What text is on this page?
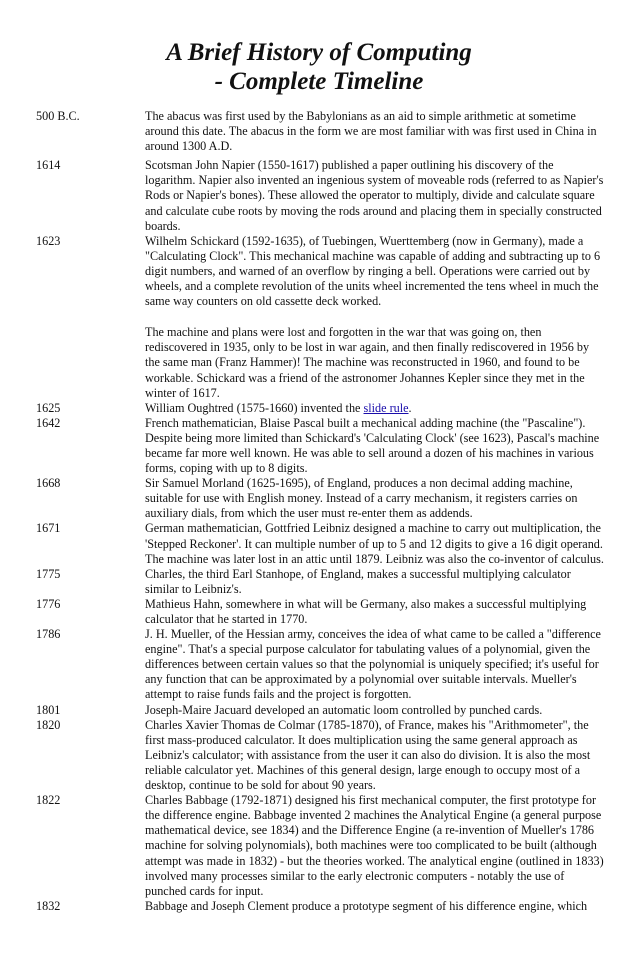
A Brief History of Computing
- Complete Timeline
500 B.C.	The abacus was first used by the Babylonians as an aid to simple arithmetic at sometime around this date. The abacus in the form we are most familiar with was first used in China in around 1300 A.D.

1614	Scotsman John Napier (1550-1617) published a paper outlining his discovery of the logarithm. Napier also invented an ingenious system of moveable rods (referred to as Napier's Rods or Napier's bones). These allowed the operator to multiply, divide and calculate square and calculate cube roots by moving the rods around and placing them in specially constructed boards.

1623	Wilhelm Schickard (1592-1635), of Tuebingen, Wuerttemberg (now in Germany), made a "Calculating Clock". This mechanical machine was capable of adding and subtracting up to 6 digit numbers, and warned of an overflow by ringing a bell. Operations were carried out by wheels, and a complete revolution of the units wheel incremented the tens wheel in much the same way counters on old cassette deck worked.

The machine and plans were lost and forgotten in the war that was going on, then rediscovered in 1935, only to be lost in war again, and then finally rediscovered in 1956 by the same man (Franz Hammer)! The machine was reconstructed in 1960, and found to be workable. Schickard was a friend of the astronomer Johannes Kepler since they met in the winter of 1617.

1625	William Oughtred (1575-1660) invented the slide rule.

1642	French mathematician, Blaise Pascal built a mechanical adding machine (the "Pascaline"). Despite being more limited than Schickard's 'Calculating Clock' (see 1623), Pascal's machine became far more well known. He was able to sell around a dozen of his machines in various forms, coping with up to 8 digits.

1668	Sir Samuel Morland (1625-1695), of England, produces a non decimal adding machine, suitable for use with English money. Instead of a carry mechanism, it registers carries on auxiliary dials, from which the user must re-enter them as addends.

1671	German mathematician, Gottfried Leibniz designed a machine to carry out multiplication, the 'Stepped Reckoner'. It can multiple number of up to 5 and 12 digits to give a 16 digit operand. The machine was later lost in an attic until 1879. Leibniz was also the co-inventor of calculus.

1775	Charles, the third Earl Stanhope, of England, makes a successful multiplying calculator similar to Leibniz's.

1776	Mathieus Hahn, somewhere in what will be Germany, also makes a successful multiplying calculator that he started in 1770.

1786	J. H. Mueller, of the Hessian army, conceives the idea of what came to be called a "difference engine". That's a special purpose calculator for tabulating values of a polynomial, given the differences between certain values so that the polynomial is uniquely specified; it's useful for any function that can be approximated by a polynomial over suitable intervals. Mueller's attempt to raise funds fails and the project is forgotten.

1801	Joseph-Maire Jacuard developed an automatic loom controlled by punched cards.

1820	Charles Xavier Thomas de Colmar (1785-1870), of France, makes his "Arithmometer", the first mass-produced calculator. It does multiplication using the same general approach as Leibniz's calculator; with assistance from the user it can also do division. It is also the most reliable calculator yet. Machines of this general design, large enough to occupy most of a desktop, continue to be sold for about 90 years.

1822	Charles Babbage (1792-1871) designed his first mechanical computer, the first prototype for the difference engine. Babbage invented 2 machines the Analytical Engine (a general purpose mathematical device, see 1834) and the Difference Engine (a re-invention of Mueller's 1786 machine for solving polynomials), both machines were too complicated to be built (although attempt was made in 1832) - but the theories worked. The analytical engine (outlined in 1833) involved many processes similar to the early electronic computers - notably the use of punched cards for input.

1832	Babbage and Joseph Clement produce a prototype segment of his difference engine, which
